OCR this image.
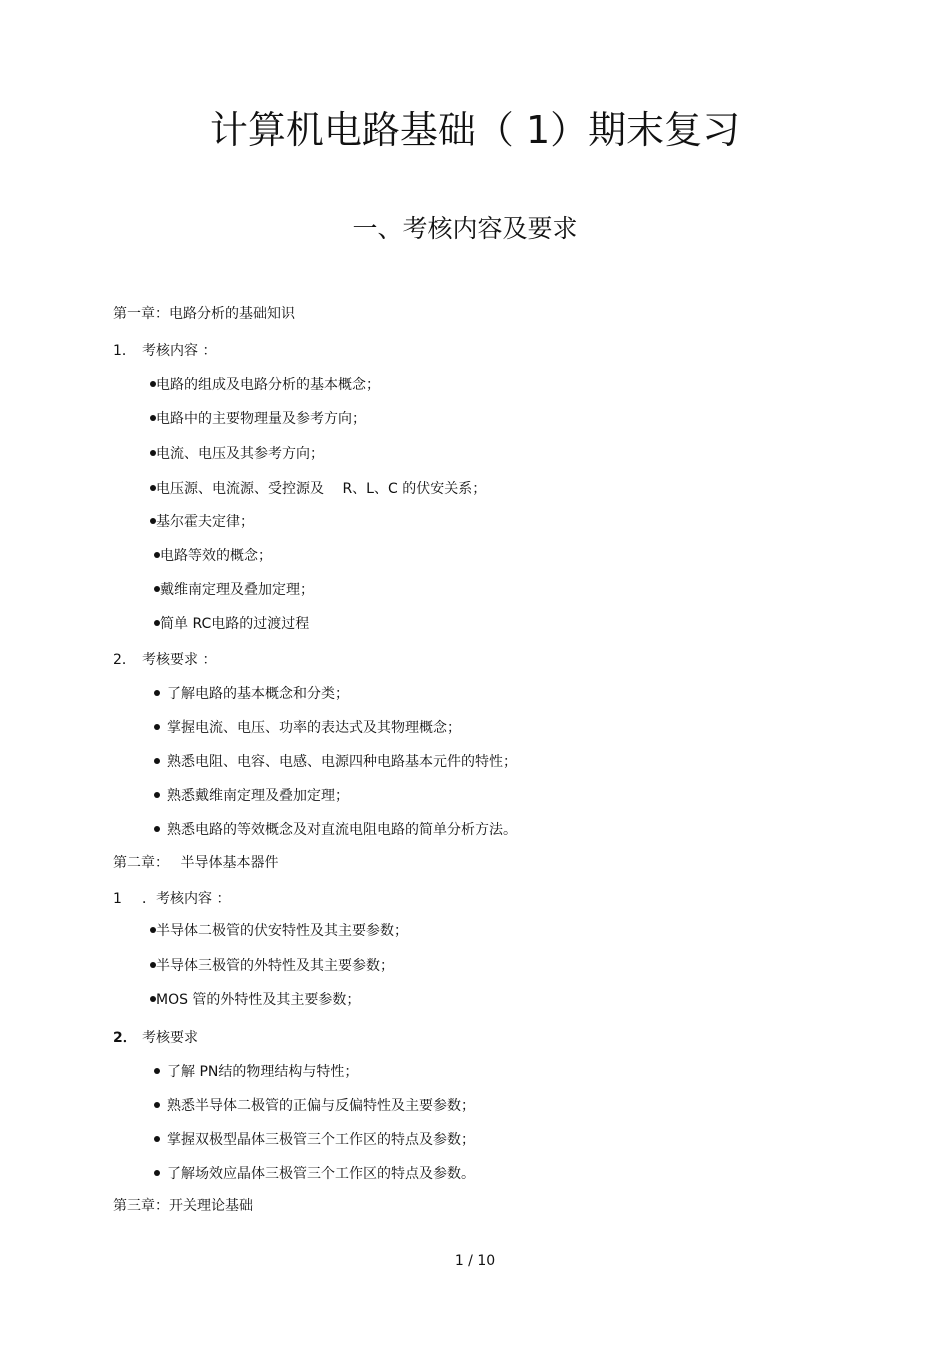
计算机电路基础（ 1）期末复习
一、考核内容及要求
第一章：电路分析的基础知识
1． 考核内容 ：
电路的组成及电路分析的基本概念；
电路中的主要物理量及参考方向；
电流、电压及其参考方向；
电压源、电流源、受控源及 　R、L、C 的伏安关系；
基尔霍夫定律；
电路等效的概念；
戴维南定理及叠加定理；
简单 RC电路的过渡过程
2． 考核要求 ：
了解电路的基本概念和分类；
掌握电流、电压、功率的表达式及其物理概念；
熟悉电阻、电容、电感、电源四种电路基本元件的特性；
熟悉戴维南定理及叠加定理；
熟悉电路的等效概念及对直流电阻电路的简单分析方法。
第二章：　 半导体基本器件
1 ．考核内容 ：
半导体二极管的伏安特性及其主要参数；
半导体三极管的外特性及其主要参数；
MOS 管的外特性及其主要参数；
2． 考核要求
了解 PN结的物理结构与特性；
熟悉半导体二极管的正偏与反偏特性及主要参数；
掌握双极型晶体三极管三个工作区的特点及参数；
了解场效应晶体三极管三个工作区的特点及参数。
第三章：开关理论基础
1 / 10
